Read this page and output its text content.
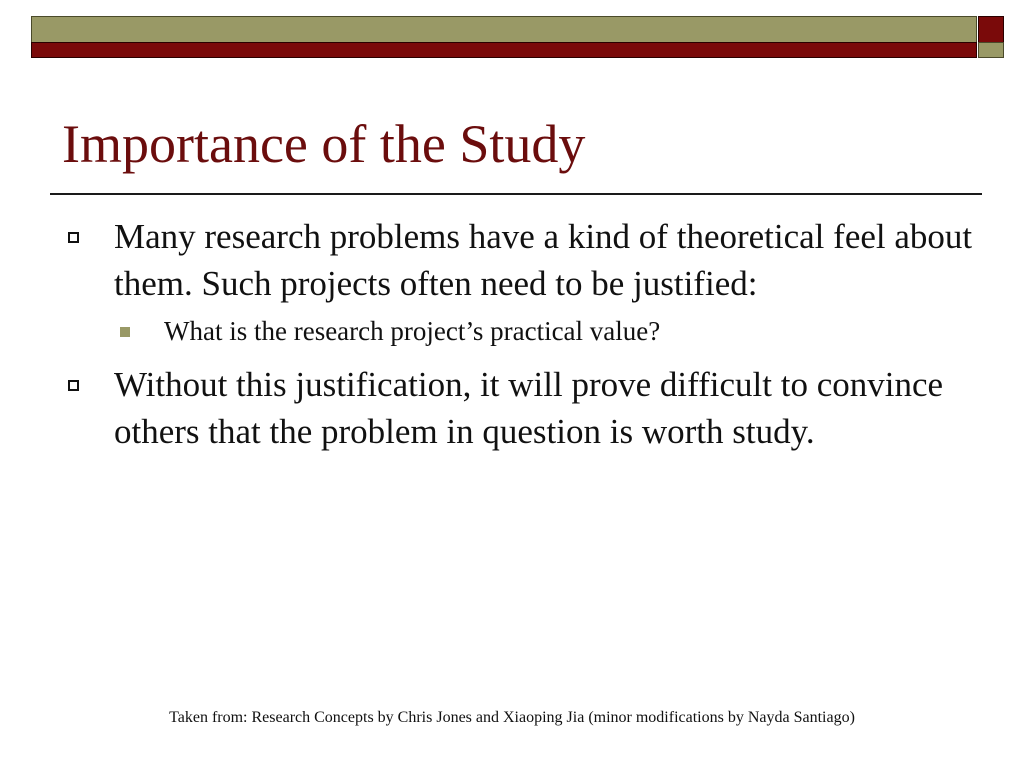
Importance of the Study
Many research problems have a kind of theoretical feel about them. Such projects often need to be justified:
What is the research project’s practical value?
Without this justification, it will prove difficult to convince others that the problem in question is worth study.
Taken from: Research Concepts by Chris Jones and Xiaoping Jia (minor modifications by Nayda Santiago)
